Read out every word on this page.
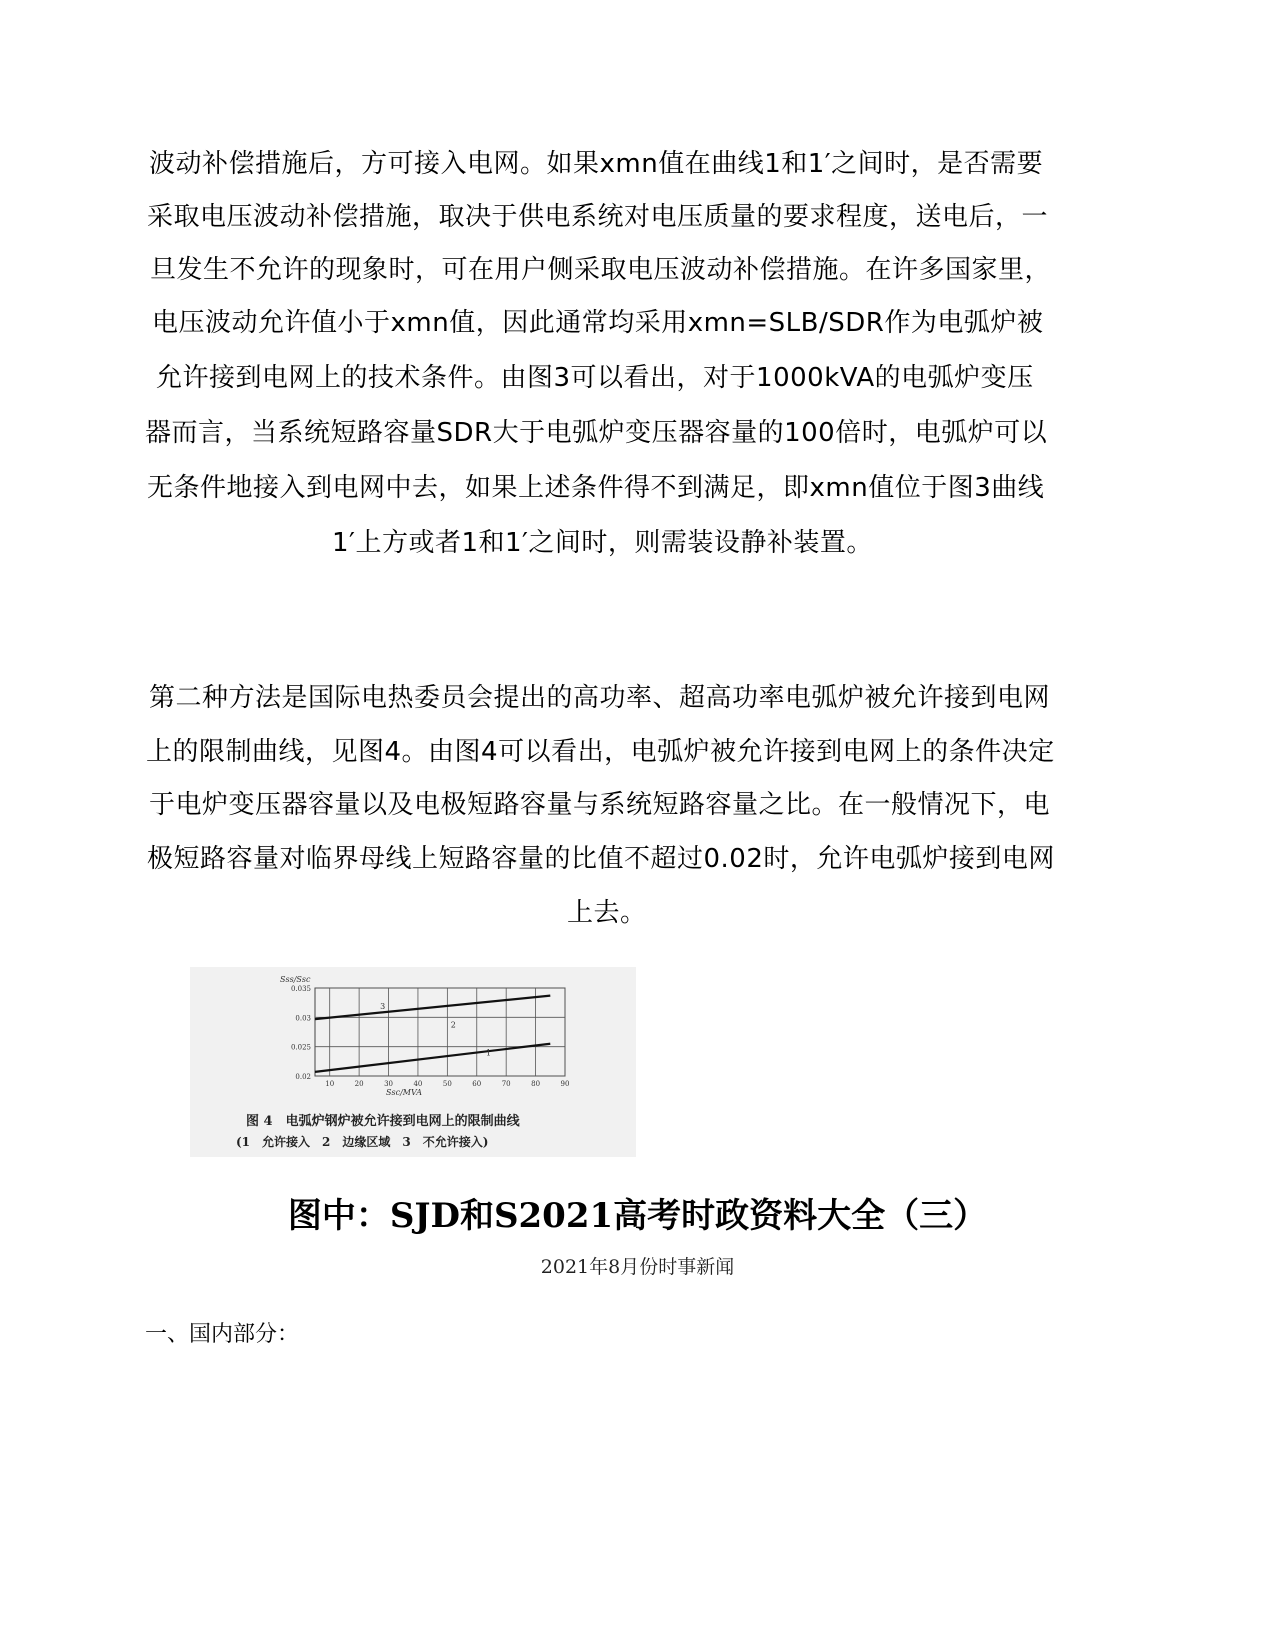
波动补偿措施后，方可接入电网。如果xmn值在曲线1和1′之间时，是否需要
采取电压波动补偿措施，取决于供电系统对电压质量的要求程度，送电后，一
旦发生不允许的现象时，可在用户侧采取电压波动补偿措施。在许多国家里，
电压波动允许值小于xmn值，因此通常均采用xmn=SLB/SDR作为电弧炉被
允许接到电网上的技术条件。由图3可以看出，对于1000kVA的电弧炉变压
器而言，当系统短路容量SDR大于电弧炉变压器容量的100倍时，电弧炉可以
无条件地接入到电网中去，如果上述条件得不到满足，即xmn值位于图3曲线
1′上方或者1和1′之间时，则需装设静补装置。
第二种方法是国际电热委员会提出的高功率、超高功率电弧炉被允许接到电网
上的限制曲线，见图4。由图4可以看出，电弧炉被允许接到电网上的条件决定
于电炉变压器容量以及电极短路容量与系统短路容量之比。在一般情况下，电
极短路容量对临界母线上短路容量的比值不超过0.02时，允许电弧炉接到电网
上去。
Sss/Ssc
0.035
0.03
0.025
0.02
10	20	30	40	50	60	70	80	90
3
2
1
Ssc/MVA
图 4　电弧炉钢炉被允许接到电网上的限制曲线
(1　允许接入　2　边缘区域　3　不允许接入)
图中：SJD和S2021高考时政资料大全（三）
2021年8月份时事新闻
一、国内部分：
